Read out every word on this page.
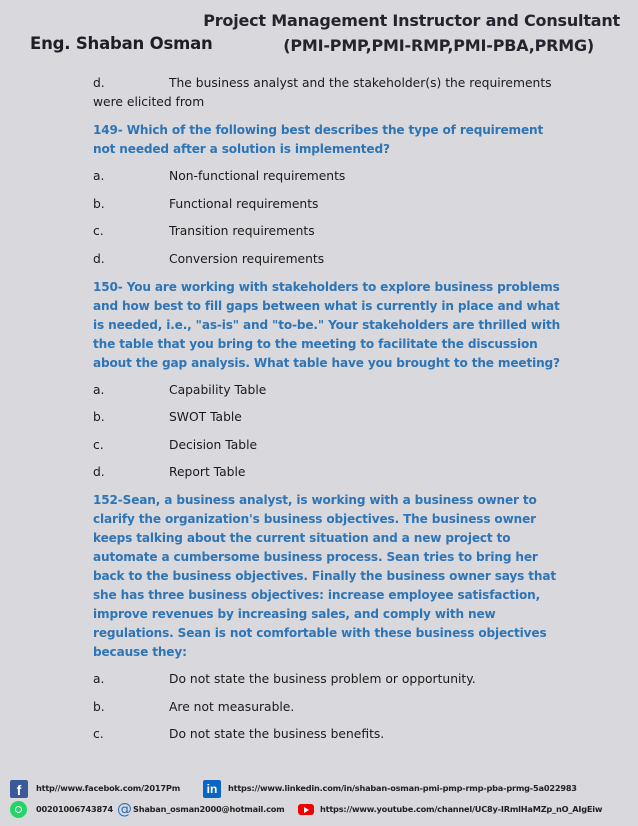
Eng. Shaban Osman
Project Management Instructor and Consultant
(PMI-PMP,PMI-RMP,PMI-PBA,PRMG)
d.	The business analyst and the stakeholder(s) the requirements
were elicited from
149- Which of the following best describes the type of requirement not needed after a solution is implemented?
a.	Non-functional requirements
b.	Functional requirements
c.	Transition requirements
d.	Conversion requirements
150- You are working with stakeholders to explore business problems and how best to fill gaps between what is currently in place and what is needed, i.e., "as-is" and "to-be." Your stakeholders are thrilled with the table that you bring to the meeting to facilitate the discussion about the gap analysis. What table have you brought to the meeting?
a.	Capability Table
b.	SWOT Table
c.	Decision Table
d.	Report Table
152-Sean, a business analyst, is working with a business owner to clarify the organization's business objectives. The business owner keeps talking about the current situation and a new project to automate a cumbersome business process. Sean tries to bring her back to the business objectives. Finally the business owner says that she has three business objectives: increase employee satisfaction, improve revenues by increasing sales, and comply with new regulations. Sean is not comfortable with these business objectives because they:
a.	Do not state the business problem or opportunity.
b.	Are not measurable.
c.	Do not state the business benefits.
f	http//www.facebok.com/2017Pm	in	https://www.linkedin.com/in/shaban-osman-pmi-pmp-rmp-pba-prmg-5a022983
00201006743874 @ Shaban_osman2000@hotmail.com	https://www.youtube.com/channel/UC8y-IRmlHaMZp_nO_AIgEiw
